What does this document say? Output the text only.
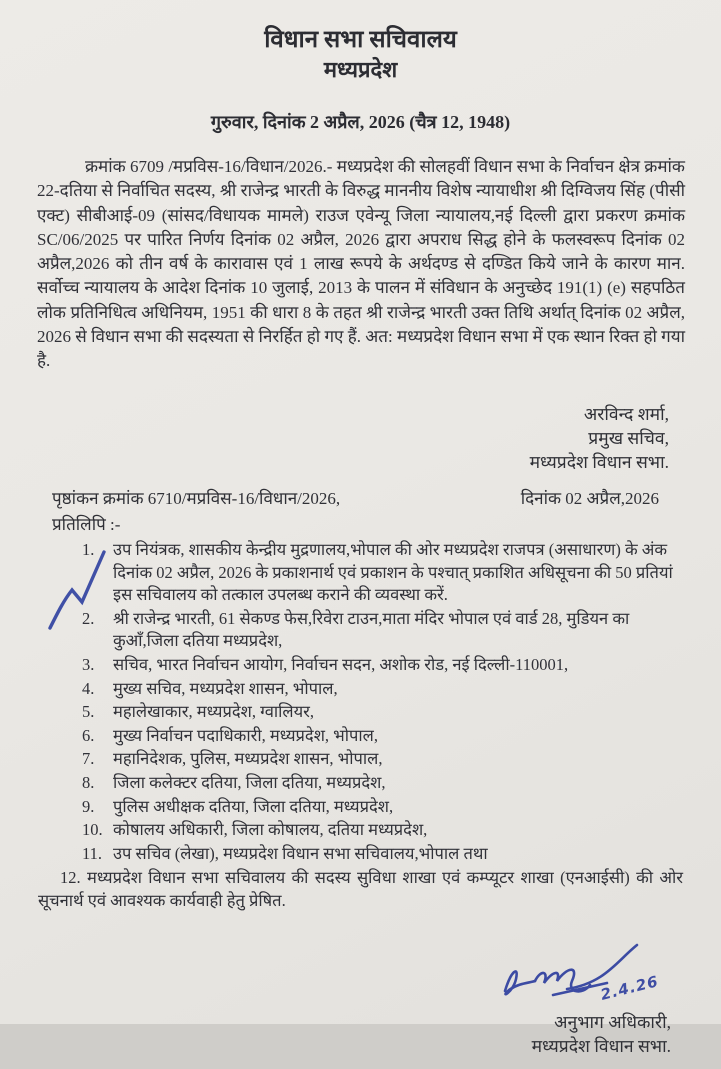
विधान सभा सचिवालय
मध्यप्रदेश
गुरुवार, दिनांक 2 अप्रैल, 2026 (चैत्र 12, 1948)

क्रमांक 6709 /मप्रविस-16/विधान/2026.- मध्यप्रदेश की सोलहवीं विधान सभा के निर्वाचन क्षेत्र क्रमांक 22-दतिया से निर्वाचित सदस्य, श्री राजेन्द्र भारती के विरुद्ध माननीय विशेष न्यायाधीश श्री दिग्विजय सिंह (पीसी एक्ट) सीबीआई-09 (सांसद/विधायक मामले) राउज एवेन्यू जिला न्यायालय,नई दिल्ली द्वारा प्रकरण क्रमांक SC/06/2025 पर पारित निर्णय दिनांक 02 अप्रैल, 2026 द्वारा अपराध सिद्ध होने के फलस्वरूप दिनांक 02 अप्रैल,2026 को तीन वर्ष के कारावास एवं 1 लाख रूपये के अर्थदण्ड से दण्डित किये जाने के कारण मान. सर्वोच्च न्यायालय के आदेश दिनांक 10 जुलाई, 2013 के पालन में संविधान के अनुच्छेद 191(1) (e) सहपठित लोक प्रतिनिधित्व अधिनियम, 1951 की धारा 8 के तहत श्री राजेन्द्र भारती उक्त तिथि अर्थात् दिनांक 02 अप्रैल, 2026 से विधान सभा की सदस्यता से निरर्हित हो गए हैं. अत: मध्यप्रदेश विधान सभा में एक स्थान रिक्त हो गया है.

अरविन्द शर्मा,
प्रमुख सचिव,
मध्यप्रदेश विधान सभा.
पृष्ठांकन क्रमांक 6710/मप्रविस-16/विधान/2026,	दिनांक 02 अप्रैल,2026
प्रतिलिपि :-
1.	उप नियंत्रक, शासकीय केन्द्रीय मुद्रणालय,भोपाल की ओर मध्यप्रदेश राजपत्र (असाधारण) के अंक दिनांक 02 अप्रैल, 2026 के प्रकाशनार्थ एवं प्रकाशन के पश्चात् प्रकाशित अधिसूचना की 50 प्रतियां इस सचिवालय को तत्काल उपलब्ध कराने की व्यवस्था करें.
2.	श्री राजेन्द्र भारती, 61 सेकण्ड फेस,रिवेरा टाउन,माता मंदिर भोपाल एवं वार्ड 28, मुडियन का कुऑं,जिला दतिया मध्यप्रदेश,
3.	सचिव, भारत निर्वाचन आयोग, निर्वाचन सदन, अशोक रोड, नई दिल्ली-110001,
4.	मुख्य सचिव, मध्यप्रदेश शासन, भोपाल,
5.	महालेखाकार, मध्यप्रदेश, ग्वालियर,
6.	मुख्य निर्वाचन पदाधिकारी, मध्यप्रदेश, भोपाल,
7.	महानिदेशक, पुलिस, मध्यप्रदेश शासन, भोपाल,
8.	जिला कलेक्टर दतिया, जिला दतिया, मध्यप्रदेश,
9.	पुलिस अधीक्षक दतिया, जिला दतिया, मध्यप्रदेश,
10. कोषालय अधिकारी, जिला कोषालय, दतिया मध्यप्रदेश,
11. उप सचिव (लेखा), मध्यप्रदेश विधान सभा सचिवालय,भोपाल तथा

12. मध्यप्रदेश विधान सभा सचिवालय की सदस्य सुविधा शाखा एवं कम्प्यूटर शाखा (एनआईसी) की ओर सूचनार्थ एवं आवश्यक कार्यवाही हेतु प्रेषित.

2.4.26
अनुभाग अधिकारी,
मध्यप्रदेश विधान सभा.
